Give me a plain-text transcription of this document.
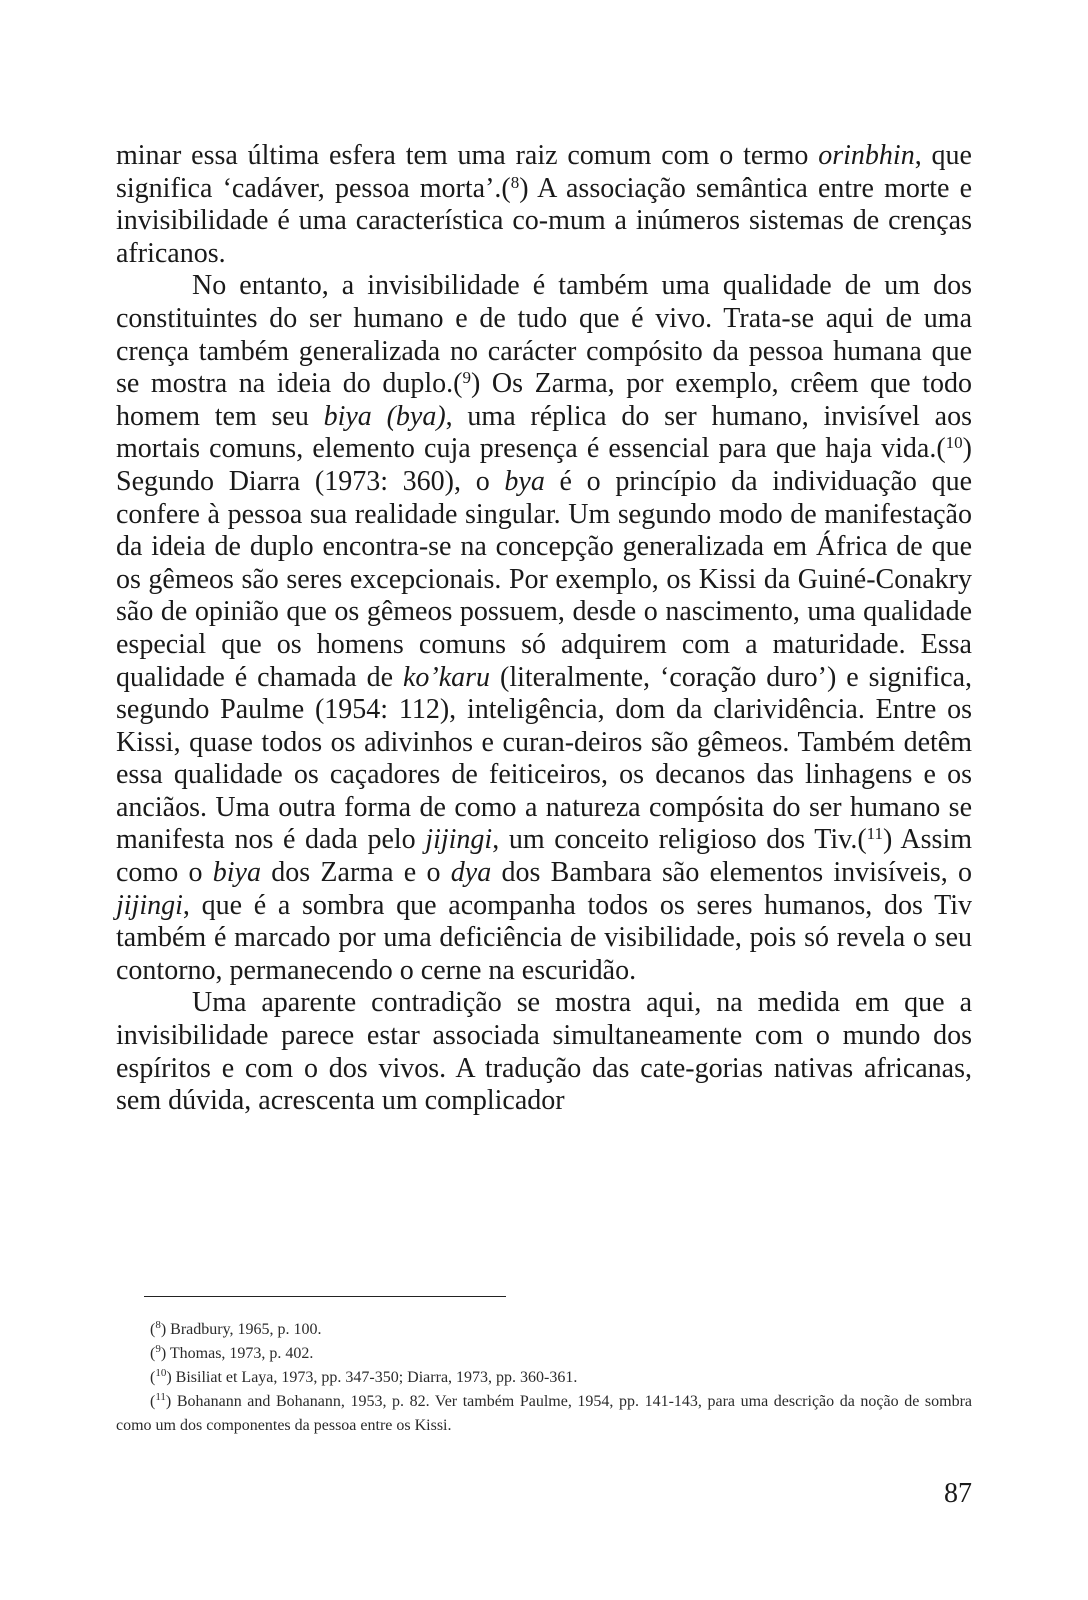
minar essa última esfera tem uma raiz comum com o termo orinbhin, que significa ‘cadáver, pessoa morta’.($^8$) A associação semântica entre morte e invisibilidade é uma característica co-mum a inúmeros sistemas de crenças africanos.

No entanto, a invisibilidade é também uma qualidade de um dos constituintes do ser humano e de tudo que é vivo. Trata-se aqui de uma crença também generalizada no carácter compósito da pessoa humana que se mostra na ideia do duplo.($^9$) Os Zarma, por exemplo, crêem que todo homem tem seu biya (bya), uma réplica do ser humano, invisível aos mortais comuns, elemento cuja presença é essencial para que haja vida.($^{10}$) Segundo Diarra (1973: 360), o bya é o princípio da individuação que confere à pessoa sua realidade singular. Um segundo modo de manifestação da ideia de duplo encontra-se na concepção generalizada em África de que os gêmeos são seres excepcionais. Por exemplo, os Kissi da Guiné-Conakry são de opinião que os gêmeos possuem, desde o nascimento, uma qualidade especial que os homens comuns só adquirem com a maturidade. Essa qualidade é chamada de ko’karu (literalmente, ‘coração duro’) e significa, segundo Paulme (1954: 112), inteligência, dom da clarividência. Entre os Kissi, quase todos os adivinhos e curan-deiros são gêmeos. Também detêm essa qualidade os caçadores de feiticeiros, os decanos das linhagens e os anciãos. Uma outra forma de como a natureza compósita do ser humano se manifesta nos é dada pelo jijingi, um conceito religioso dos Tiv.($^{11}$) Assim como o biya dos Zarma e o dya dos Bambara são elementos invisíveis, o jijingi, que é a sombra que acompanha todos os seres humanos, dos Tiv também é marcado por uma deficiência de visibilidade, pois só revela o seu contorno, permanecendo o cerne na escuridão.

Uma aparente contradição se mostra aqui, na medida em que a invisibilidade parece estar associada simultaneamente com o mundo dos espíritos e com o dos vivos. A tradução das cate-gorias nativas africanas, sem dúvida, acrescenta um complicador

($^8$) Bradbury, 1965, p. 100.

($^9$) Thomas, 1973, p. 402.

($^{10}$) Bisiliat et Laya, 1973, pp. 347-350; Diarra, 1973, pp. 360-361.

($^{11}$) Bohanann and Bohanann, 1953, p. 82. Ver também Paulme, 1954, pp. 141-143, para uma descrição da noção de sombra como um dos componentes da pessoa entre os Kissi.

87
